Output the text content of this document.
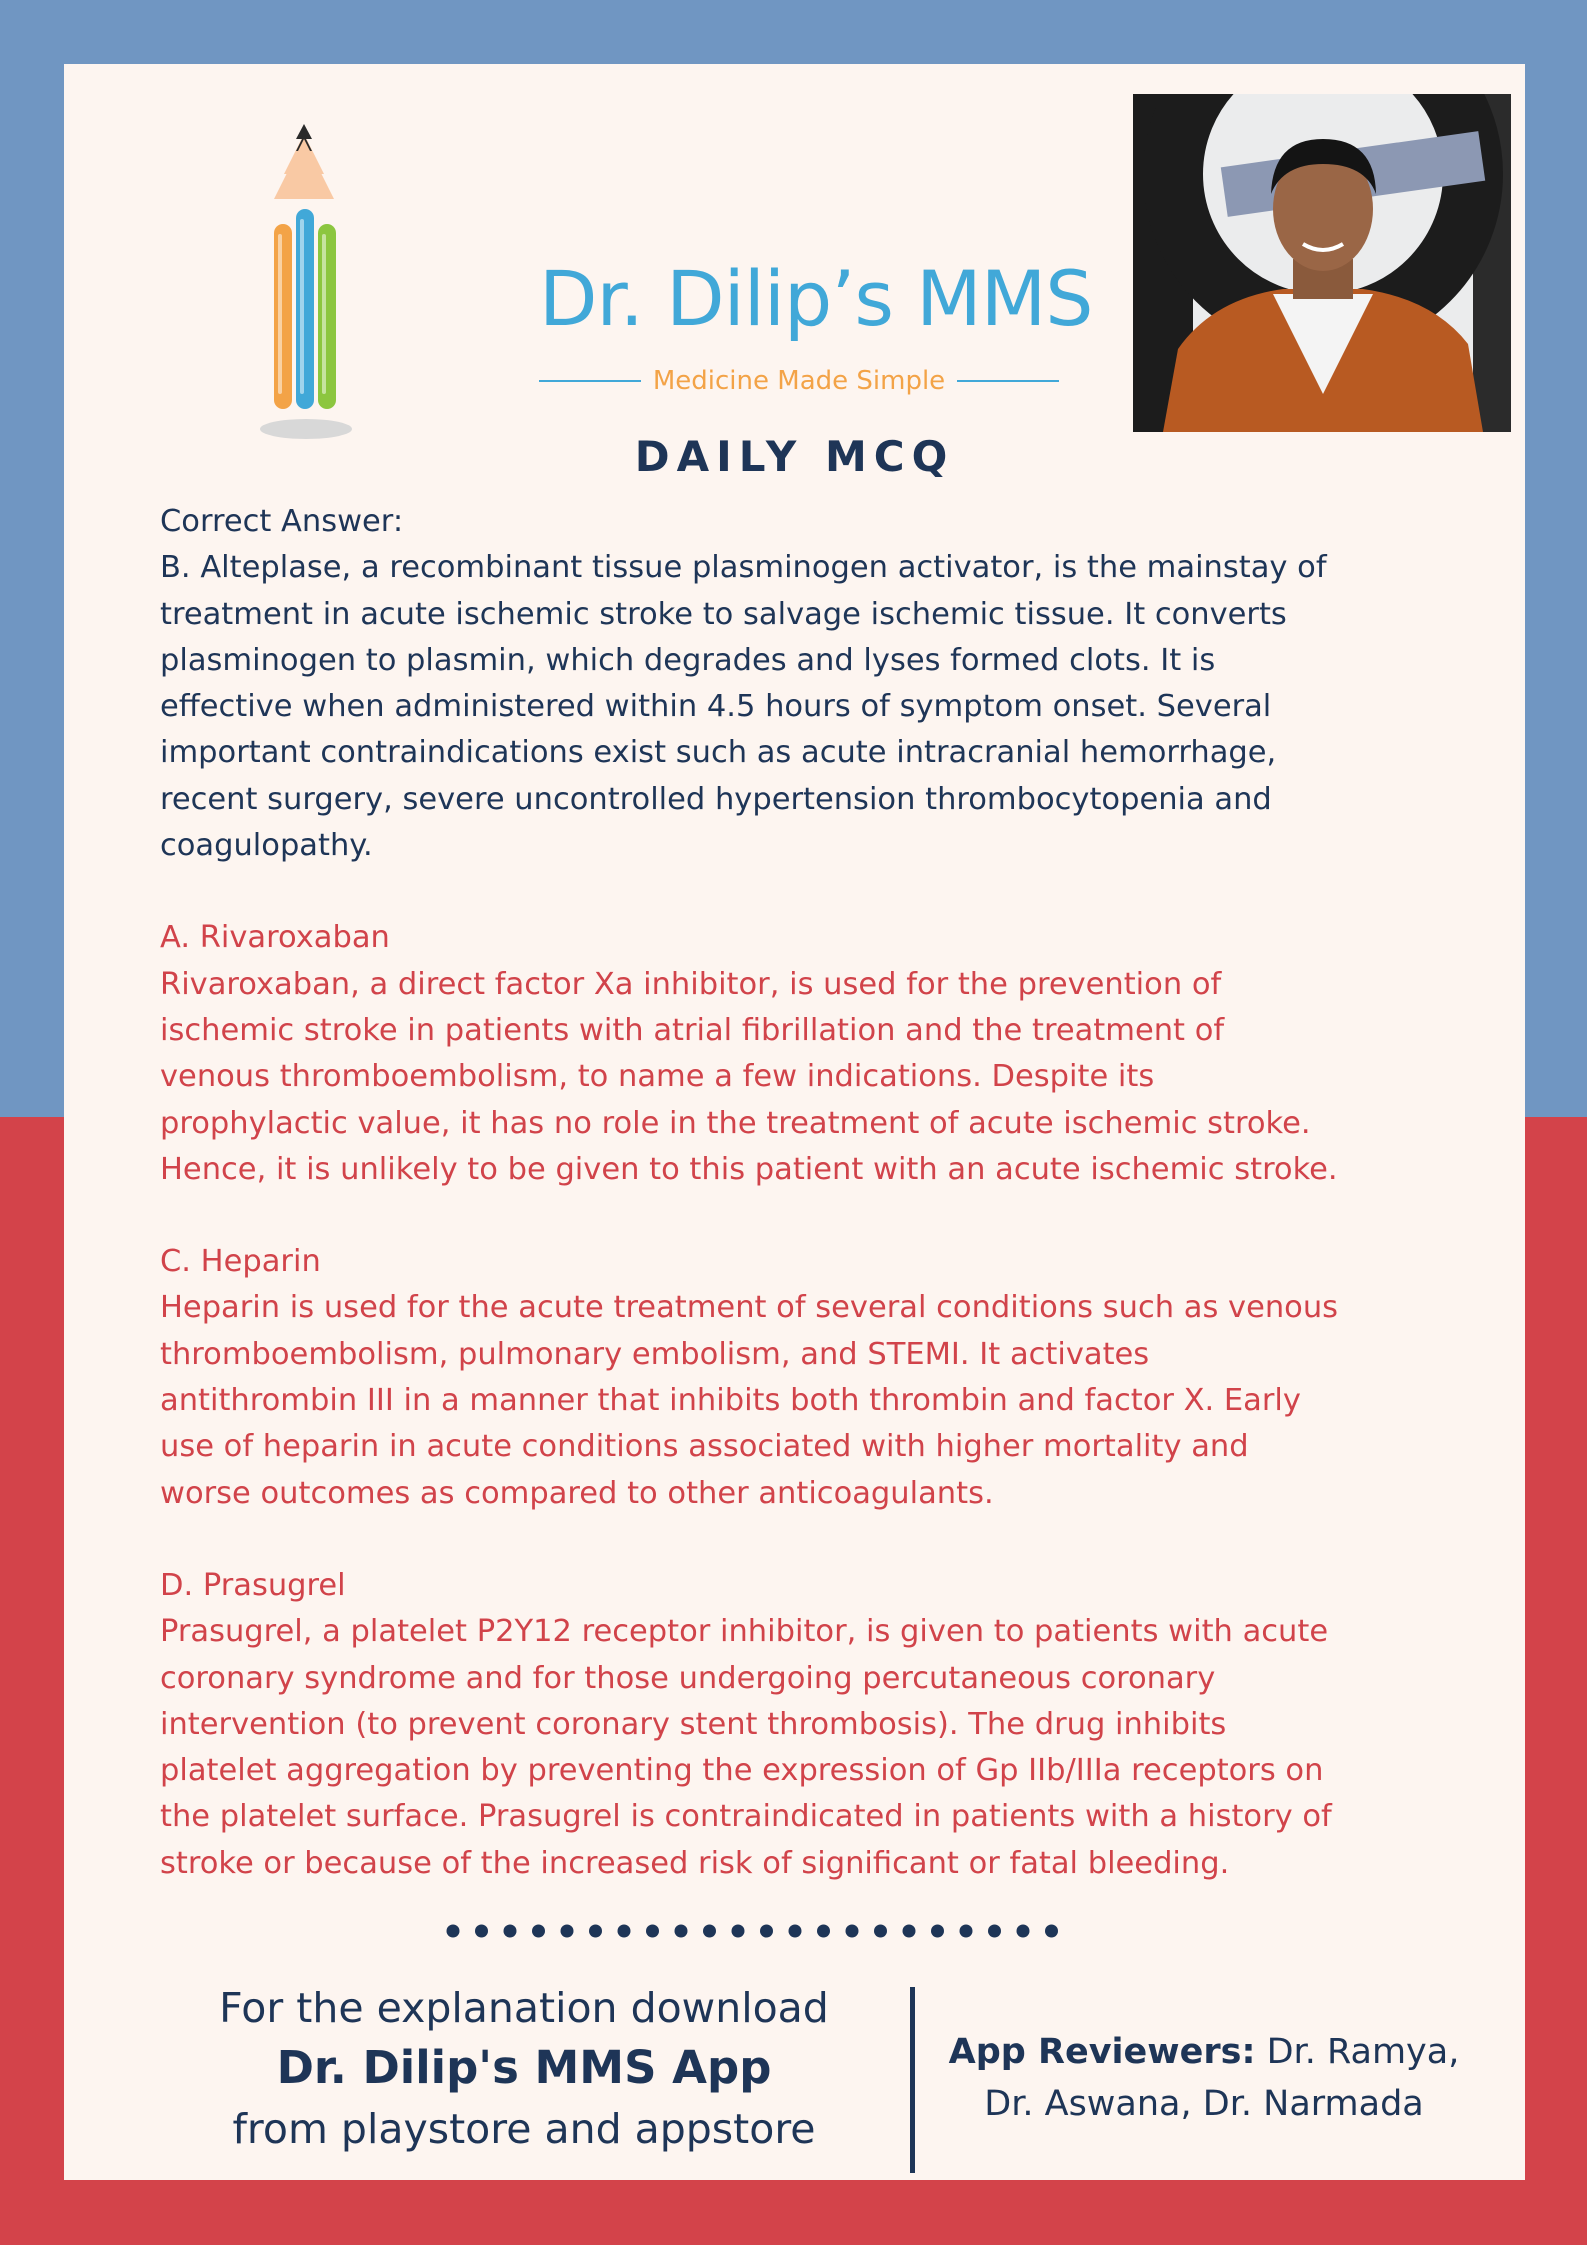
Dr. Dilip’s MMS
Medicine Made Simple
DAILY MCQ

Correct Answer:

B. Alteplase, a recombinant tissue plasminogen activator, is the mainstay of

treatment in acute ischemic stroke to salvage ischemic tissue. It converts

plasminogen to plasmin, which degrades and lyses formed clots. It is

effective when administered within 4.5 hours of symptom onset. Several

important contraindications exist such as acute intracranial hemorrhage,

recent surgery, severe uncontrolled hypertension thrombocytopenia and

coagulopathy.

A. Rivaroxaban

Rivaroxaban, a direct factor Xa inhibitor, is used for the prevention of

ischemic stroke in patients with atrial fibrillation and the treatment of

venous thromboembolism, to name a few indications. Despite its

prophylactic value, it has no role in the treatment of acute ischemic stroke.

Hence, it is unlikely to be given to this patient with an acute ischemic stroke.

C. Heparin

Heparin is used for the acute treatment of several conditions such as venous

thromboembolism, pulmonary embolism, and STEMI. It activates

antithrombin III in a manner that inhibits both thrombin and factor X. Early

use of heparin in acute conditions associated with higher mortality and

worse outcomes as compared to other anticoagulants.

D. Prasugrel

Prasugrel, a platelet P2Y12 receptor inhibitor, is given to patients with acute

coronary syndrome and for those undergoing percutaneous coronary

intervention (to prevent coronary stent thrombosis). The drug inhibits

platelet aggregation by preventing the expression of Gp IIb/IIIa receptors on

the platelet surface. Prasugrel is contraindicated in patients with a history of

stroke or because of the increased risk of significant or fatal bleeding.

For the explanation download
Dr. Dilip's MMS App
from playstore and appstore
App Reviewers: Dr. Ramya,
Dr. Aswana, Dr. Narmada
